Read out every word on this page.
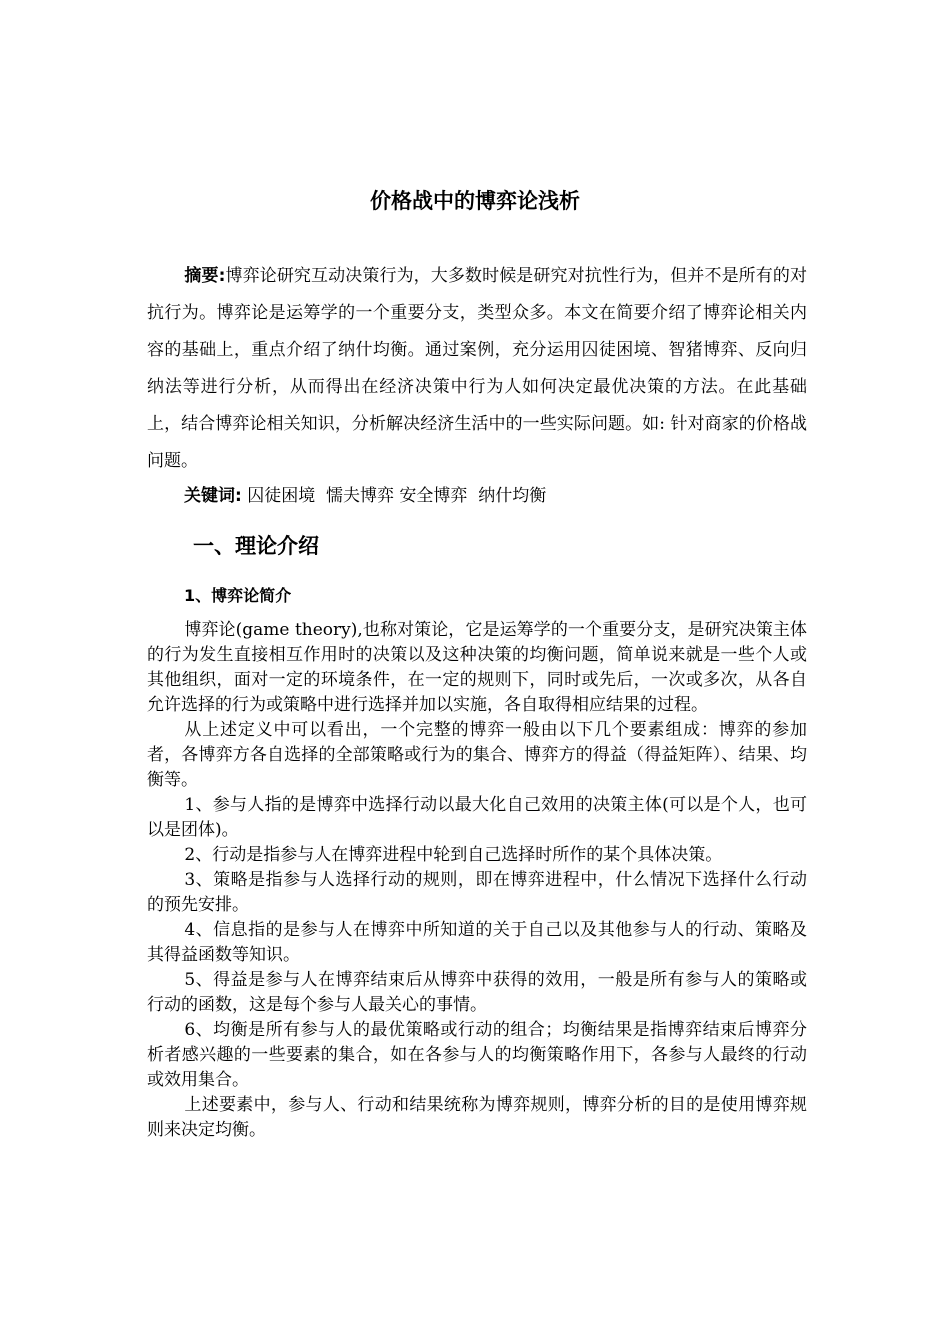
价格战中的博弈论浅析

摘要:博弈论研究互动决策行为，大多数时候是研究对抗性行为，但并不是所有的对抗行为。博弈论是运筹学的一个重要分支，类型众多。本文在简要介绍了博弈论相关内容的基础上，重点介绍了纳什均衡。通过案例，充分运用囚徒困境、智猪博弈、反向归纳法等进行分析，从而得出在经济决策中行为人如何决定最优决策的方法。在此基础上，结合博弈论相关知识，分析解决经济生活中的一些实际问题。如: 针对商家的价格战问题。

关键词: 囚徒困境  懦夫博弈 安全博弈  纳什均衡

一、理论介绍
1、博弈论简介

博弈论(game theory),也称对策论，它是运筹学的一个重要分支，是研究决策主体的行为发生直接相互作用时的决策以及这种决策的均衡问题，简单说来就是一些个人或其他组织，面对一定的环境条件，在一定的规则下，同时或先后，一次或多次，从各自允许选择的行为或策略中进行选择并加以实施，各自取得相应结果的过程。

从上述定义中可以看出，一个完整的博弈一般由以下几个要素组成：博弈的参加者，各博弈方各自选择的全部策略或行为的集合、博弈方的得益（得益矩阵）、结果、均衡等。

1、参与人指的是博弈中选择行动以最大化自己效用的决策主体(可以是个人，也可以是团体)。

2、行动是指参与人在博弈进程中轮到自己选择时所作的某个具体决策。

3、策略是指参与人选择行动的规则，即在博弈进程中，什么情况下选择什么行动的预先安排。

4、信息指的是参与人在博弈中所知道的关于自己以及其他参与人的行动、策略及其得益函数等知识。

5、得益是参与人在博弈结束后从博弈中获得的效用，一般是所有参与人的策略或行动的函数，这是每个参与人最关心的事情。

6、均衡是所有参与人的最优策略或行动的组合；均衡结果是指博弈结束后博弈分析者感兴趣的一些要素的集合，如在各参与人的均衡策略作用下，各参与人最终的行动或效用集合。

上述要素中，参与人、行动和结果统称为博弈规则，博弈分析的目的是使用博弈规则来决定均衡。
